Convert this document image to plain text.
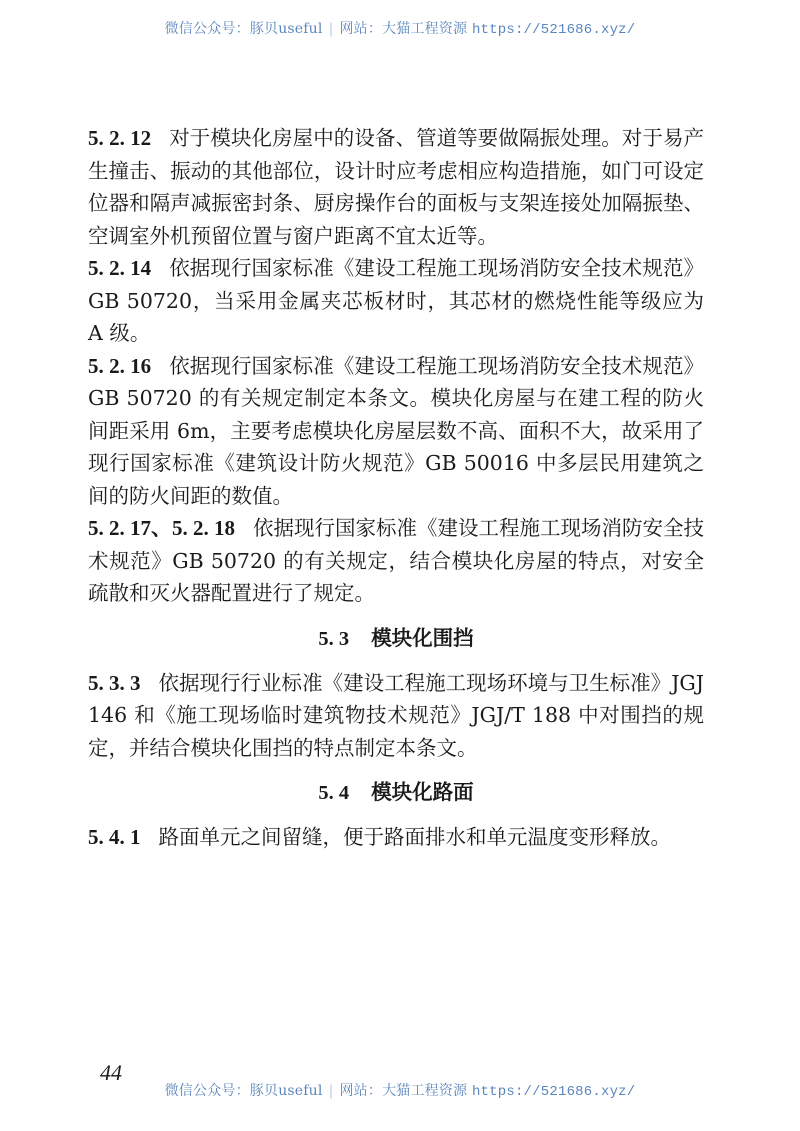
微信公众号：豚贝useful | 网站：大猫工程资源 https://521686.xyz/

5. 2. 12 对于模块化房屋中的设备、管道等要做隔振处理。对于易产生撞击、振动的其他部位，设计时应考虑相应构造措施，如门可设定位器和隔声减振密封条、厨房操作台的面板与支架连接处加隔振垫、空调室外机预留位置与窗户距离不宜太近等。

5. 2. 14 依据现行国家标准《建设工程施工现场消防安全技术规范》GB 50720，当采用金属夹芯板材时，其芯材的燃烧性能等级应为 A 级。

5. 2. 16 依据现行国家标准《建设工程施工现场消防安全技术规范》GB 50720 的有关规定制定本条文。模块化房屋与在建工程的防火间距采用 6m，主要考虑模块化房屋层数不高、面积不大，故采用了现行国家标准《建筑设计防火规范》GB 50016 中多层民用建筑之间的防火间距的数值。

5. 2. 17、5. 2. 18 依据现行国家标准《建设工程施工现场消防安全技术规范》GB 50720 的有关规定，结合模块化房屋的特点，对安全疏散和灭火器配置进行了规定。

5. 3 模块化围挡

5. 3. 3 依据现行行业标准《建设工程施工现场环境与卫生标准》JGJ 146 和《施工现场临时建筑物技术规范》JGJ/T 188 中对围挡的规定，并结合模块化围挡的特点制定本条文。

5. 4 模块化路面

5. 4. 1 路面单元之间留缝，便于路面排水和单元温度变形释放。

44
微信公众号：豚贝useful | 网站：大猫工程资源 https://521686.xyz/
